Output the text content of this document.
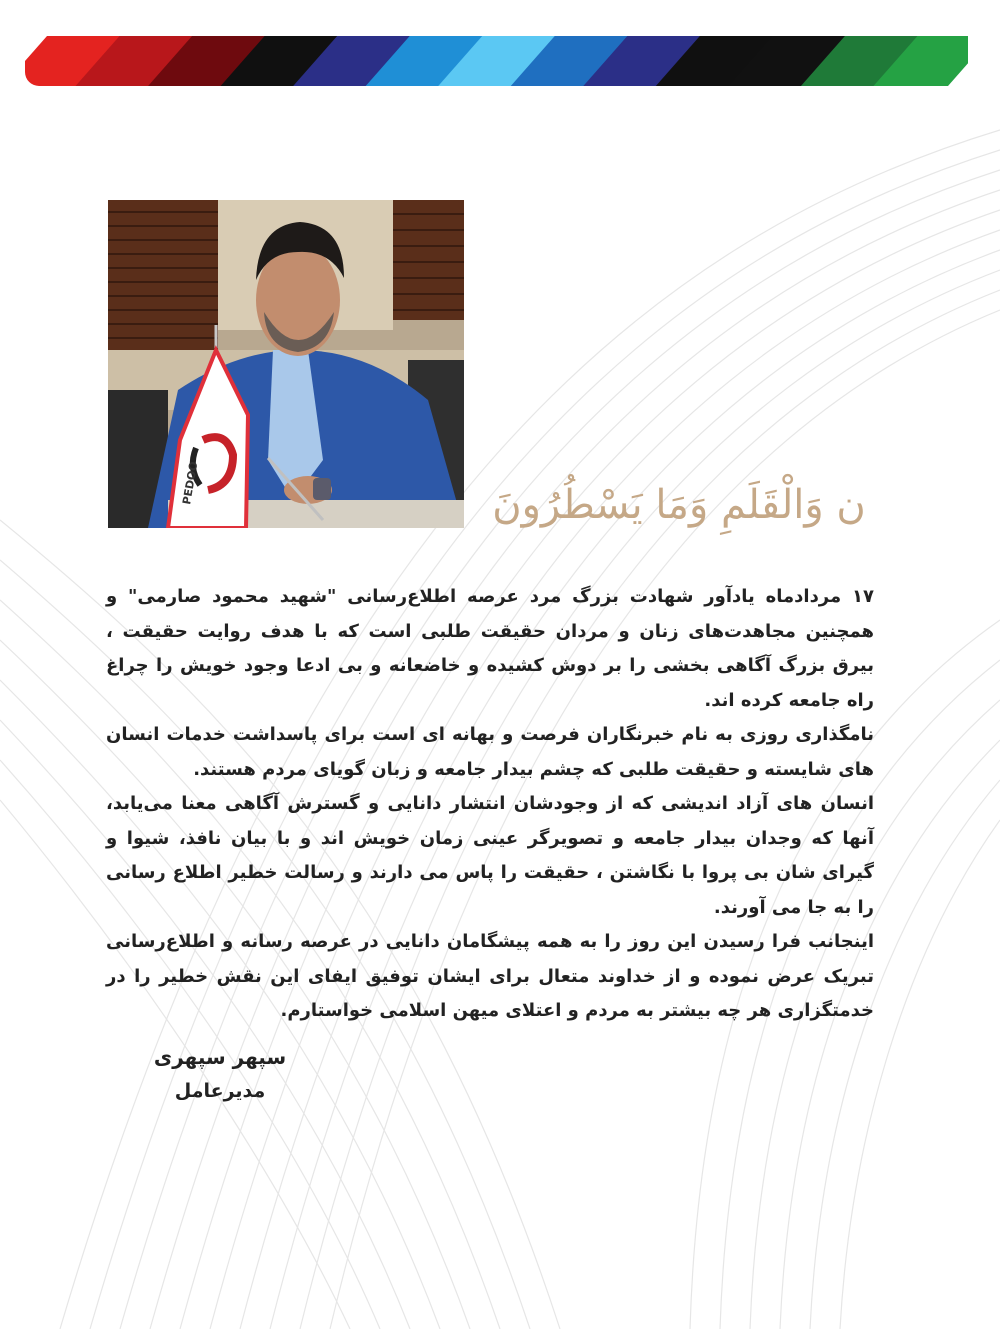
PEDOO	ن وَالْقَلَمِ وَمَا يَسْطُرُونَ

۱۷ مردادماه یادآور شهادت بزرگ مرد عرصه اطلاع‌رسانی "شهید محمود صارمی" و همچنین مجاهدت‌های زنان و مردان حقیقت طلبی است که با هدف روایت حقیقت ، بیرق بزرگ آگاهی بخشی را بر دوش کشیده و خاضعانه و بی ادعا وجود خویش را چراغ راه جامعه کرده اند.

نامگذاری روزی به نام خبرنگاران فرصت و بهانه ای است برای پاسداشت خدمات انسان های شایسته و حقیقت طلبی که چشم بیدار جامعه و زبان گویای مردم هستند.

انسان های آزاد اندیشی که از وجودشان انتشار دانایی و گسترش آگاهی معنا می‌یابد، آنها که وجدان بیدار جامعه و تصویرگر عینی زمان خویش اند و با بیان نافذ، شیوا و گیرای شان بی پروا با نگاشتن ، حقیقت را پاس می دارند و رسالت خطیر اطلاع رسانی را به جا می آورند.

اینجانب فرا رسیدن این روز را به همه پیشگامان دانایی در عرصه رسانه و اطلاع‌رسانی تبریک عرض نموده و از خداوند متعال برای ایشان توفیق ایفای این نقش خطیر را در خدمتگزاری هر چه بیشتر به مردم و اعتلای میهن اسلامی خواستارم.

سپهر سپهری
مدیرعامل
